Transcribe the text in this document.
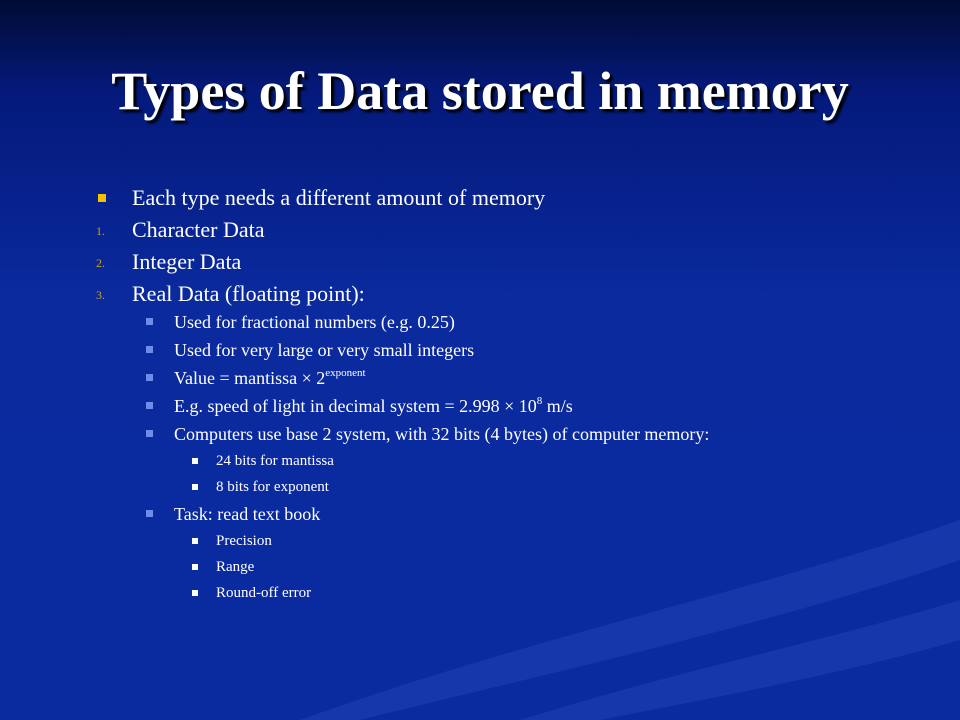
Types of Data stored in memory
Each type needs a different amount of memory
1. Character Data
2. Integer Data
3. Real Data (floating point):
Used for fractional numbers (e.g. 0.25)
Used for very large or very small integers
Value = mantissa × $2^{exponent}$
E.g. speed of light in decimal system = $2.998 \times 10^8$ m/s
Computers use base 2 system, with 32 bits (4 bytes) of computer memory:
24 bits for mantissa
8 bits for exponent
Task: read text book
Precision
Range
Round-off error
